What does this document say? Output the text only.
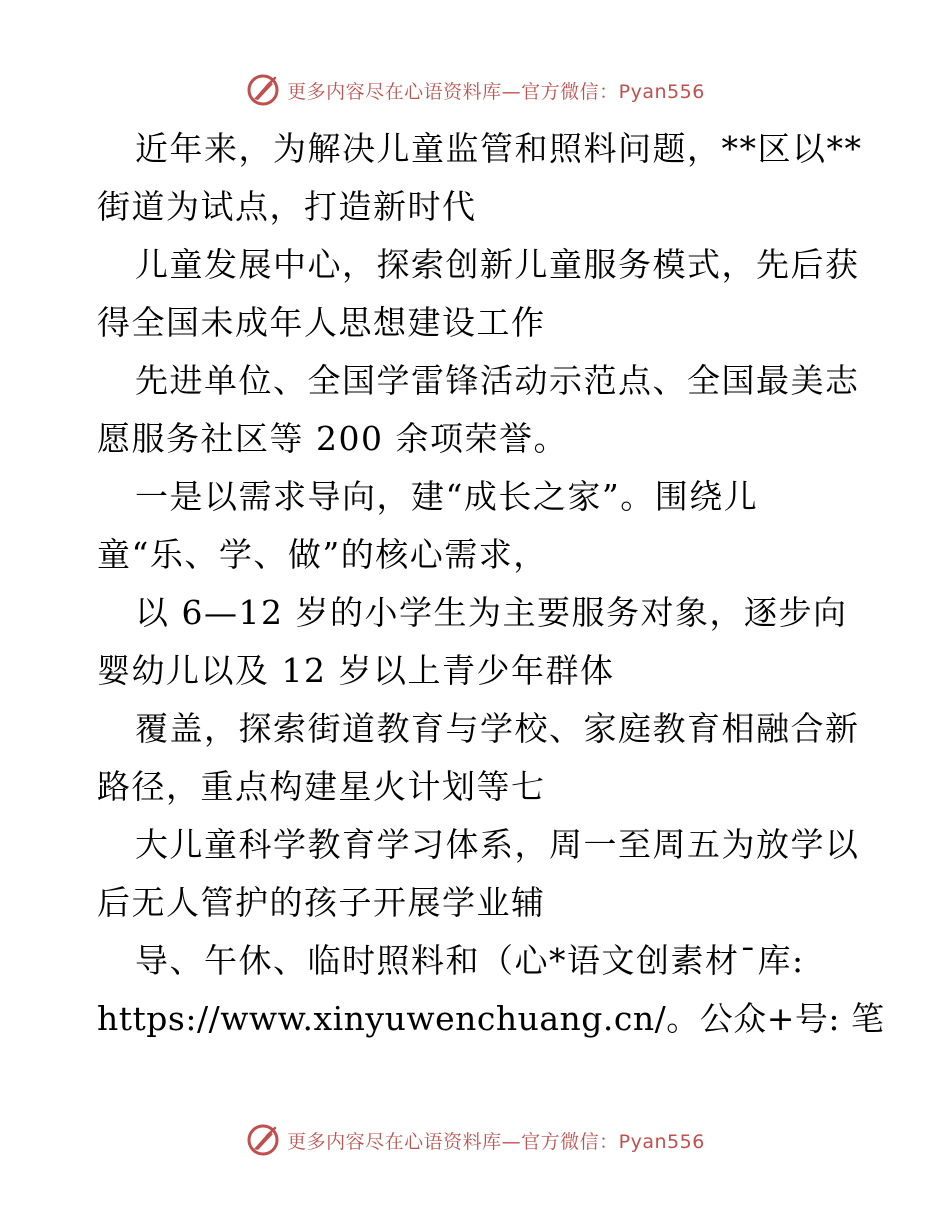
更多内容尽在心语资料库—官方微信：Pyan556
近年来，为解决儿童监管和照料问题，**区以**
街道为试点，打造新时代
儿童发展中心，探索创新儿童服务模式，先后获
得全国未成年人思想建设工作
先进单位、全国学雷锋活动示范点、全国最美志
愿服务社区等 200 余项荣誉。
一是以需求导向，建“成长之家”。围绕儿
童“乐、学、做”的核心需求，
以 6—12 岁的小学生为主要服务对象，逐步向
婴幼儿以及 12 岁以上青少年群体
覆盖，探索街道教育与学校、家庭教育相融合新
路径，重点构建星火计划等七
大儿童科学教育学习体系，周一至周五为放学以
后无人管护的孩子开展学业辅
导、午休、临时照料和（心*语文创素材¯库:
https://www.xinyuwenchuang.cn/。公众+号: 笔
更多内容尽在心语资料库—官方微信：Pyan556
